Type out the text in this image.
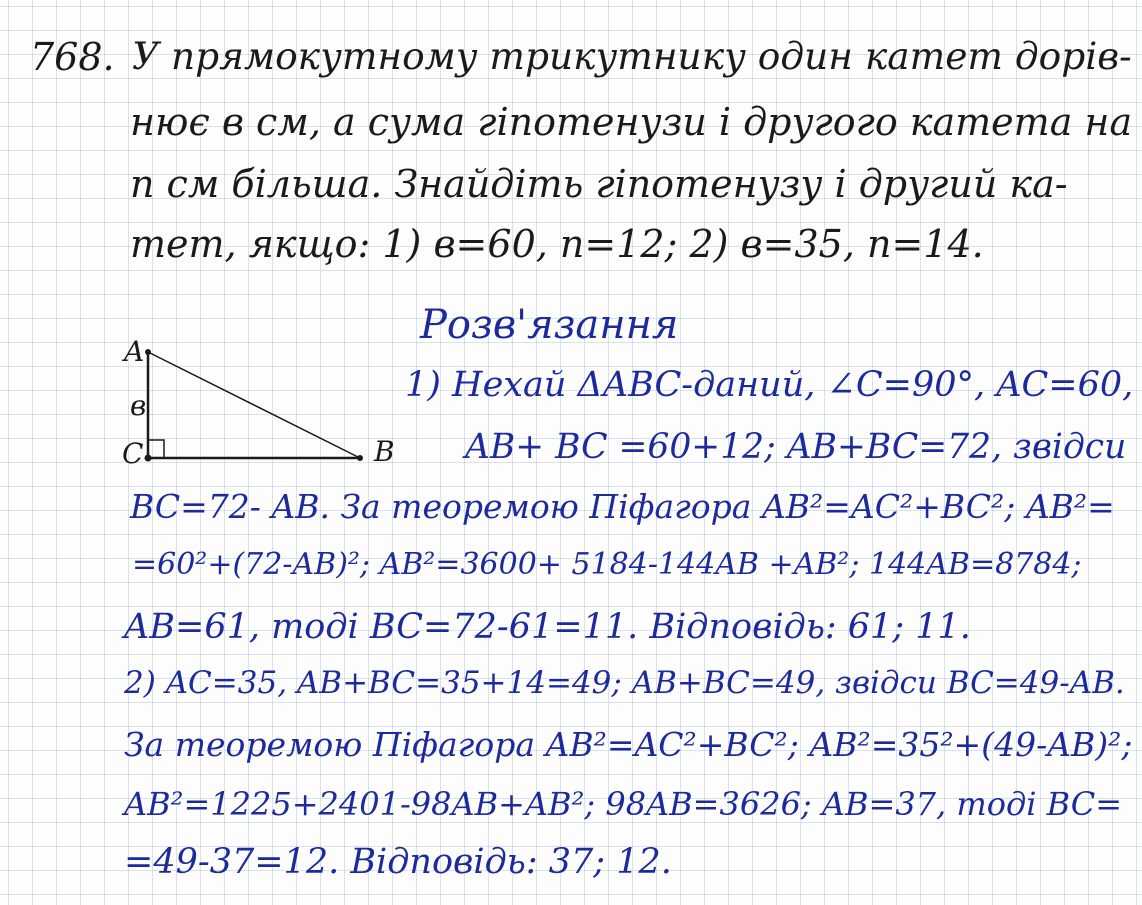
768. У прямокутному трикутнику один катет дорів-
нює в см, а сума гіпотенузи і другого катета на
n см більша. Знайдіть гіпотенузу і другий ка-
тет, якщо: 1) в=60, n=12; 2) в=35, n=14.
Розв'язання
A
в
C	B
1) Нехай ΔABC-даний, ∠C=90°, AC=60,
AB+ BC =60+12; AB+BC=72, звідси
BC=72- AB. За теоремою Піфагора AB²=AC²+BC²; AB²=
=60²+(72-AB)²; AB²=3600+ 5184-144AB +AB²; 144AB=8784;
AB=61, тоді BC=72-61=11. Відповідь: 61; 11.
2) AC=35, AB+BC=35+14=49; AB+BC=49, звідси BC=49-AB.
За теоремою Піфагора AB²=AC²+BC²; AB²=35²+(49-AB)²;
AB²=1225+2401-98AB+AB²; 98AB=3626; AB=37, тоді BC=
=49-37=12. Відповідь: 37; 12.
